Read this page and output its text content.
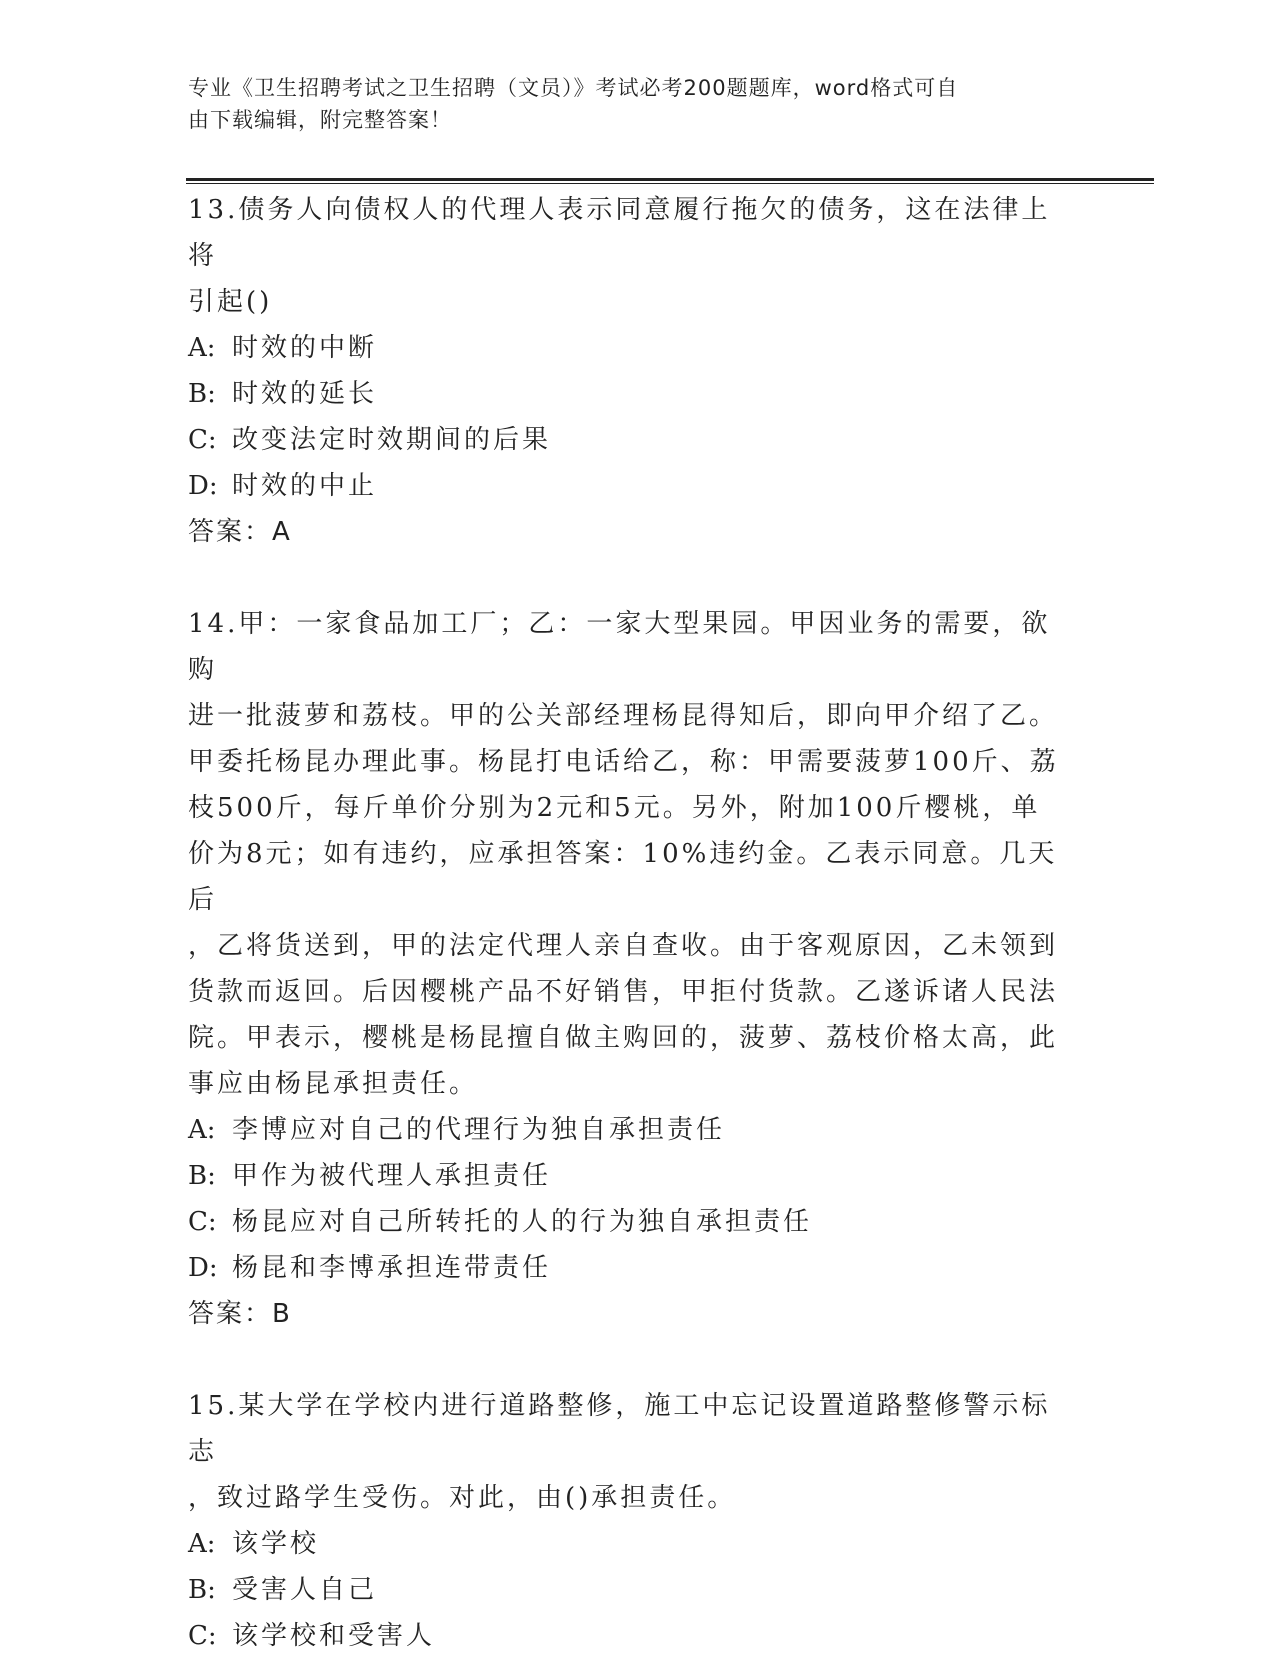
专业《卫生招聘考试之卫生招聘（文员）》考试必考200题题库，word格式可自
由下载编辑，附完整答案！

13.债务人向债权人的代理人表示同意履行拖欠的债务，这在法律上将

引起()

A: 时效的中断

B: 时效的延长

C: 改变法定时效期间的后果

D: 时效的中止

答案：A

14.甲：一家食品加工厂；乙：一家大型果园。甲因业务的需要，欲购

进一批菠萝和荔枝。甲的公关部经理杨昆得知后，即向甲介绍了乙。

甲委托杨昆办理此事。杨昆打电话给乙，称：甲需要菠萝100斤、荔

枝500斤，每斤单价分别为2元和5元。另外，附加100斤樱桃，单

价为8元；如有违约，应承担答案：10%违约金。乙表示同意。几天后

，乙将货送到，甲的法定代理人亲自查收。由于客观原因，乙未领到

货款而返回。后因樱桃产品不好销售，甲拒付货款。乙遂诉诸人民法

院。甲表示，樱桃是杨昆擅自做主购回的，菠萝、荔枝价格太高，此

事应由杨昆承担责任。

A: 李博应对自己的代理行为独自承担责任

B: 甲作为被代理人承担责任

C: 杨昆应对自己所转托的人的行为独自承担责任

D: 杨昆和李博承担连带责任

答案：B

15.某大学在学校内进行道路整修，施工中忘记设置道路整修警示标志

，致过路学生受伤。对此，由()承担责任。

A: 该学校

B: 受害人自己

C: 该学校和受害人
